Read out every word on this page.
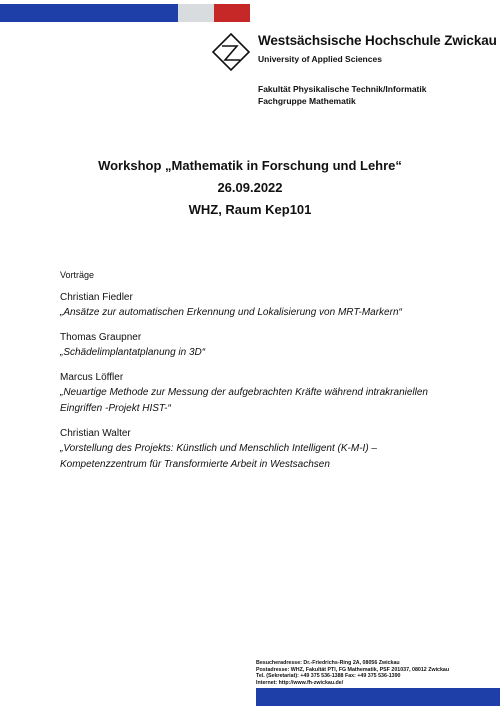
Westsächsische Hochschule Zwickau
University of Applied Sciences
Fakultät Physikalische Technik/Informatik
Fachgruppe Mathematik
Workshop „Mathematik in Forschung und Lehre“
26.09.2022
WHZ, Raum Kep101
Vorträge
Christian Fiedler
„Ansätze zur automatischen Erkennung und Lokalisierung von MRT-Markern“
Thomas Graupner
„Schädelimplantatplanung in 3D“
Marcus Löffler
„Neuartige Methode zur Messung der aufgebrachten Kräfte während intrakraniellen Eingriffen -Projekt HIST-“
Christian Walter
„Vorstellung des Projekts: Künstlich und Menschlich Intelligent (K-M-I) – Kompetenzzentrum für Transformierte Arbeit in Westsachsen
Besucheradresse: Dr.-Friedrichs-Ring 2A, 08056 Zwickau
Postadresse: WHZ, Fakultät PTI, FG Mathematik, PSF 201037, 08012 Zwickau
Tel. (Sekretariat): +49 375 536-1388 Fax: +49 375 536-1390
Internet: http://www.fh-zwickau.de/
